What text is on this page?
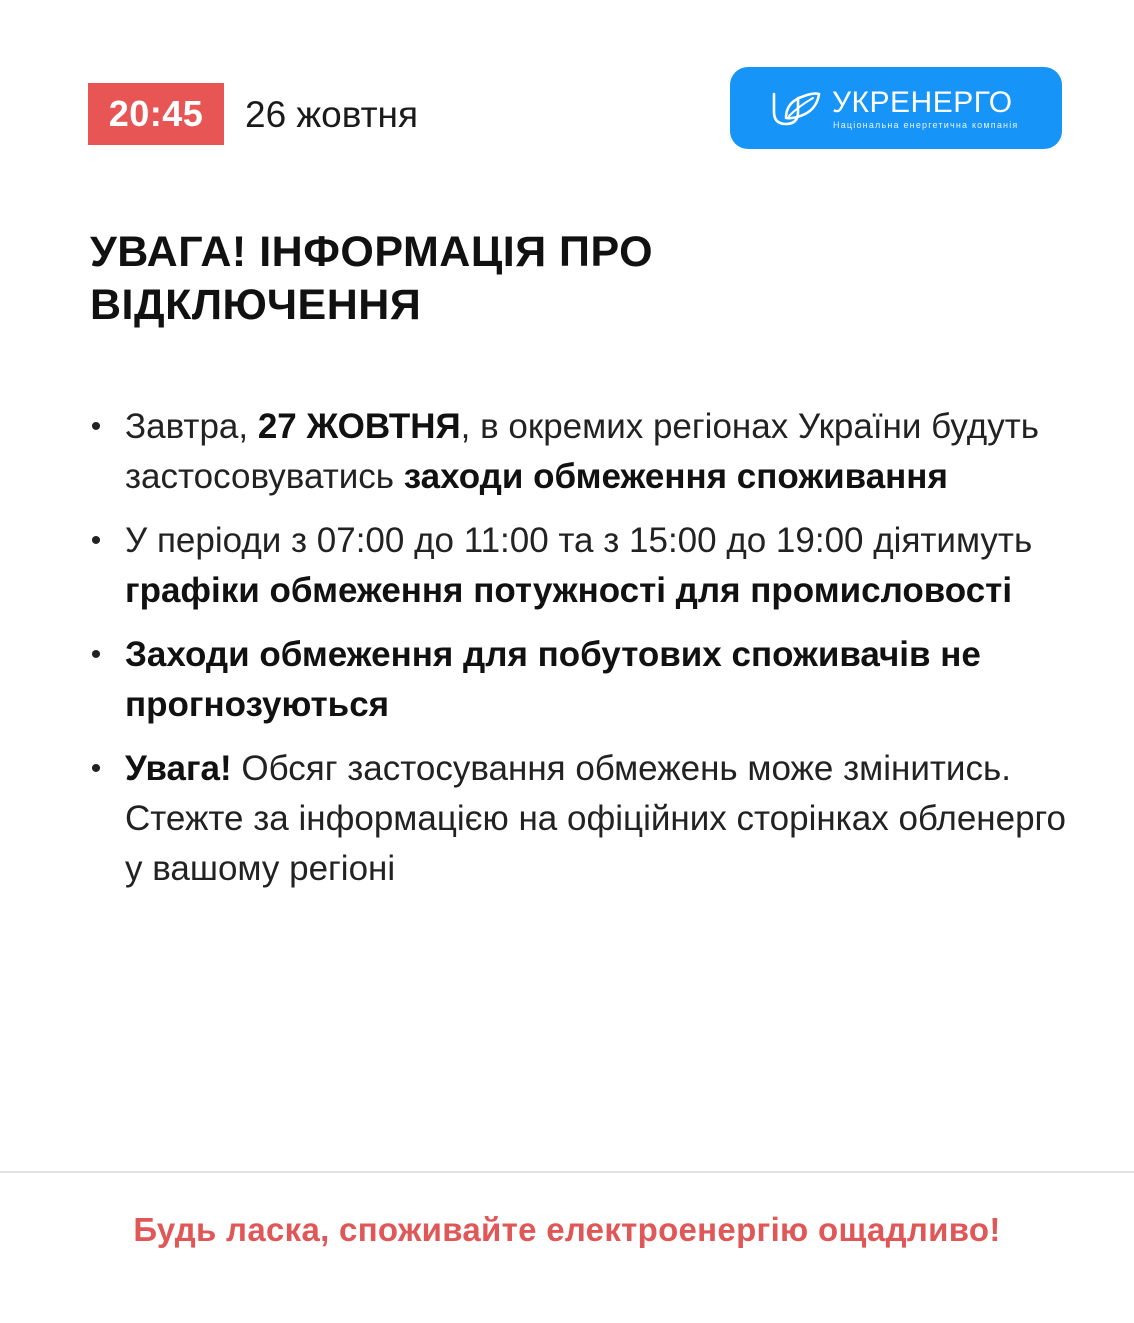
20:45	26 жовтня	УКРЕНЕРГО
Національна енергетична компанія
УВАГА! ІНФОРМАЦІЯ ПРО
ВІДКЛЮЧЕННЯ
• Завтра, 27 ЖОВТНЯ, в окремих регіонах України будуть застосовуватись заходи обмеження споживання
• У періоди з 07:00 до 11:00 та з 15:00 до 19:00 діятимуть графіки обмеження потужності для промисловості
• Заходи обмеження для побутових споживачів не прогнозуються
• Увага! Обсяг застосування обмежень може змінитись. Стежте за інформацією на офіційних сторінках обленерго у вашому регіоні
Будь ласка, споживайте електроенергію ощадливо!
